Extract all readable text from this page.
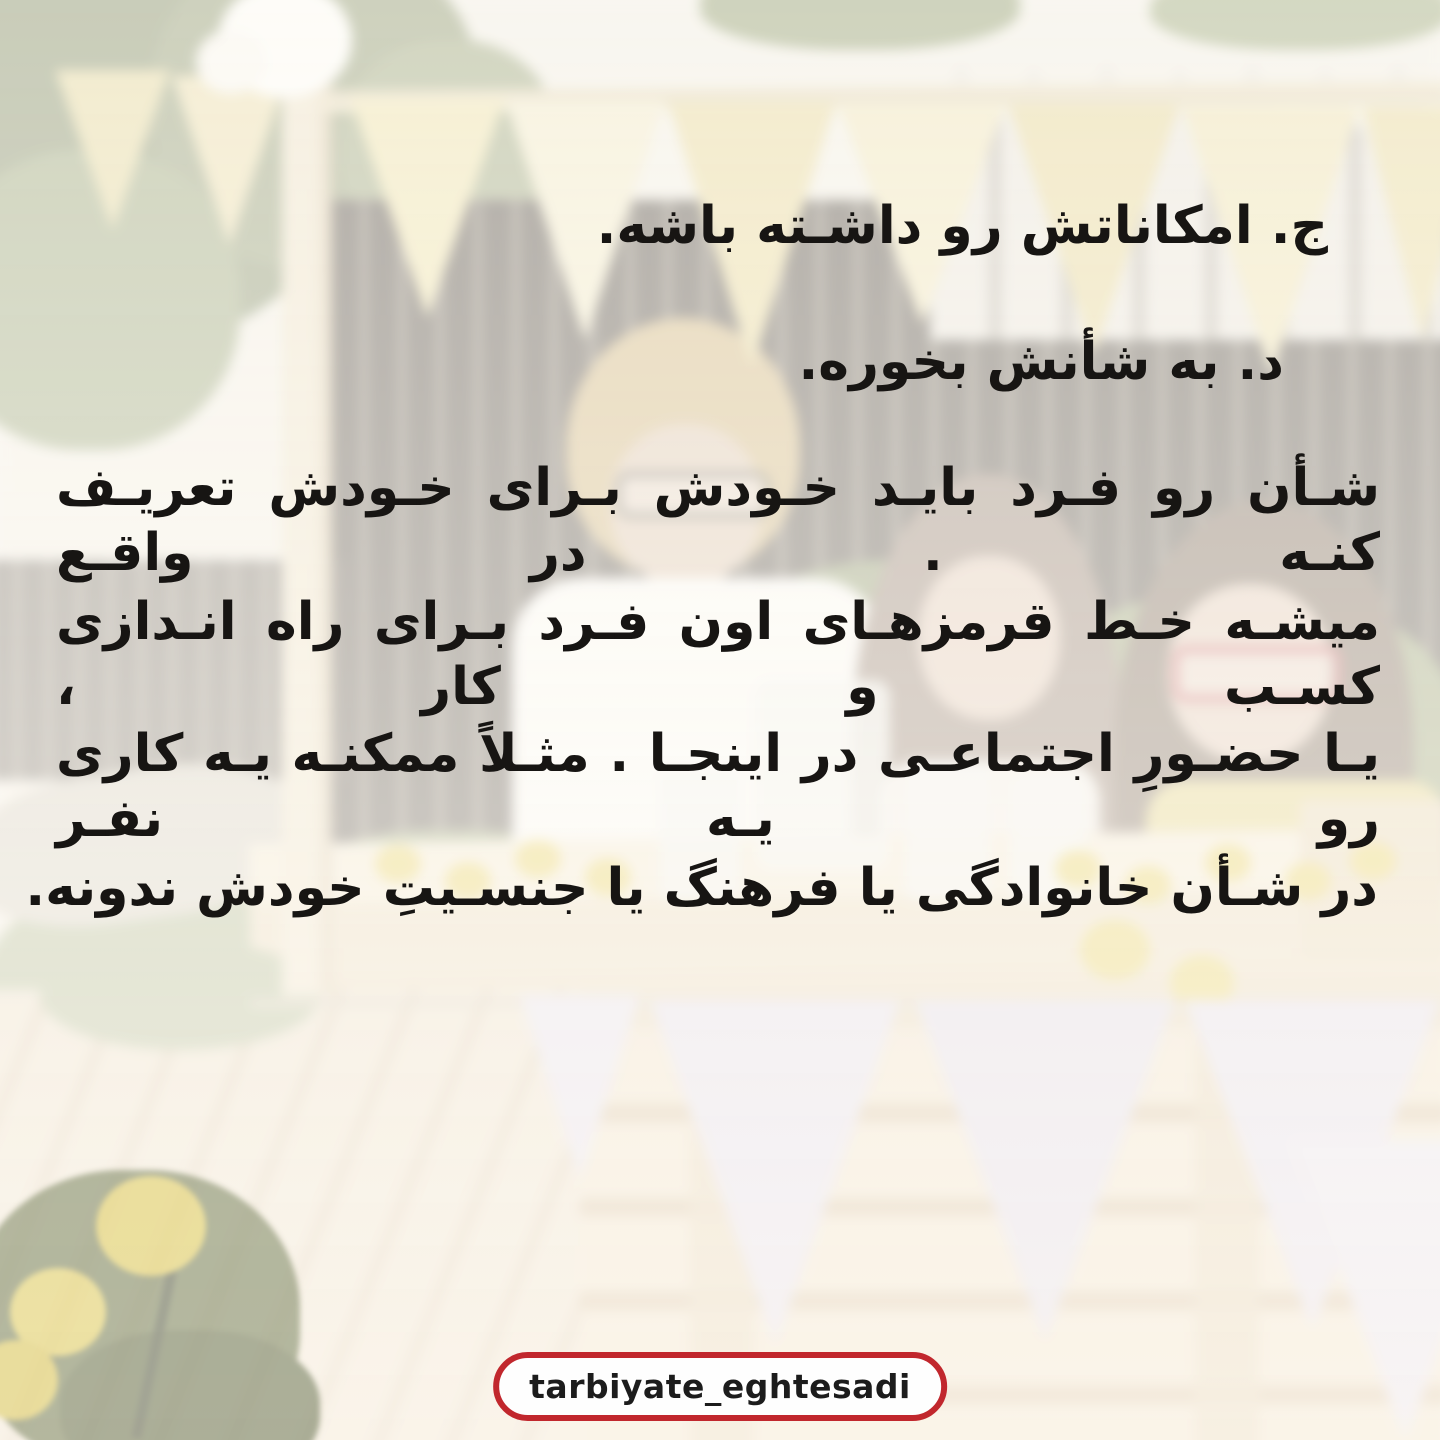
ج. امکاناتش رو داشـته باشه.
د. به شأنش بخوره.
شـأن رو فـرد بایـد خـودش بـرای خـودش تعریـف کنـه . در واقـع
میشـه خـط قرمزهـای اون فـرد بـرای راه انـدازی کسـب و کار ،
یـا حضـورِ اجتماعـی در اینجـا . مثـلاً ممکنـه یـه کاری رو یـه نفـر
در شـأن خانوادگی یا فرهنگ یا جنسـیتِ خودش ندونه.
tarbiyate_eghtesadi
